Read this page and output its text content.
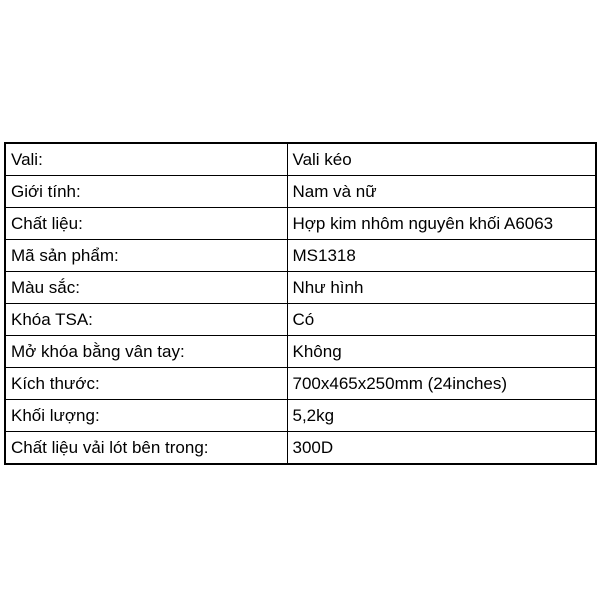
Vali:	Vali kéo
Giới tính:	Nam và nữ
Chất liệu:	Hợp kim nhôm nguyên khối A6063
Mã sản phẩm:	MS1318
Màu sắc:	Như hình
Khóa TSA:	Có
Mở khóa bằng vân tay:	Không
Kích thước:	700x465x250mm (24inches)
Khối lượng:	5,2kg
Chất liệu vải lót bên trong:	300D
